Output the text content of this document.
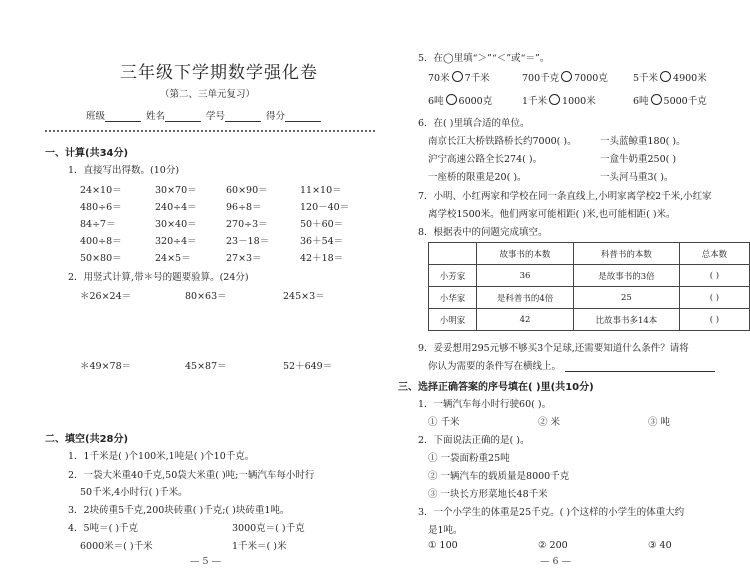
三年级下学期数学强化卷
（第二、三单元复习）
班级	姓名	学号	得分
一、计算(共34分)
1．直接写出得数。(10分)
24×10＝	30×70＝	60×90＝	11×10＝
480÷6＝	240÷4＝	96÷8＝	120－40＝
84÷7＝	30×40＝	270÷3＝	50＋60＝
400÷8＝	320÷4＝	23－18＝	36＋54＝
50×80＝	24×5＝	27×3＝	42＋18＝
2．用竖式计算,带＊号的题要验算。(24分)
＊26×24＝	80×63＝	245×3＝
＊49×78＝	45×87＝	52＋649＝
二、填空(共28分)
1．1千米是( )个100米,1吨是( )个10千克。
2．一袋大米重40千克,50袋大米重( )吨;一辆汽车每小时行
50千米,4小时行( )千米。
3．2块砖重5千克,200块砖重( )千克;( )块砖重1吨。
4．5吨＝( )千克	3000克＝( )千克
6000米＝( )千米	1千米＝( )米
— 5 —
5．在◯里填“＞”“＜”或“＝”。
70米 7千米	700千克 7000克	5千米 4900米
6吨 6000克	1千米 1000米	6吨 5000千克
6．在( )里填合适的单位。
南京长江大桥铁路桥长约7000( )。 一头蓝鲸重180( )。
沪宁高速公路全长274( )。	一盒牛奶重250( )
一座桥的限重是20( )。	一头河马重3( )。
7．小明、小红两家和学校在同一条直线上,小明家离学校2千米,小红家
离学校1500米。他们两家可能相距( )米,也可能相距( )米。
8．根据表中的问题完成填空。
	故事书的本数	科普书的本数	总本数
小芳家	36	是故事书的3倍	( )
小华家	是科普书的4倍	25	( )
小明家	42	比故事书多14本	( )
9．妥妥想用295元够不够买3个足球,还需要知道什么条件？请将
你认为需要的条件写在横线上。
三、选择正确答案的序号填在( )里(共10分)
1．一辆汽车每小时行驶60( )。
① 千米	② 米	③ 吨
2．下面说法正确的是( )。
① 一袋面粉重25吨
② 一辆汽车的载质量是8000千克
③ 一块长方形菜地长48千米
3．一个小学生的体重是25千克。( )个这样的小学生的体重大约
是1吨。
① 100	② 200	③ 40
— 6 —
